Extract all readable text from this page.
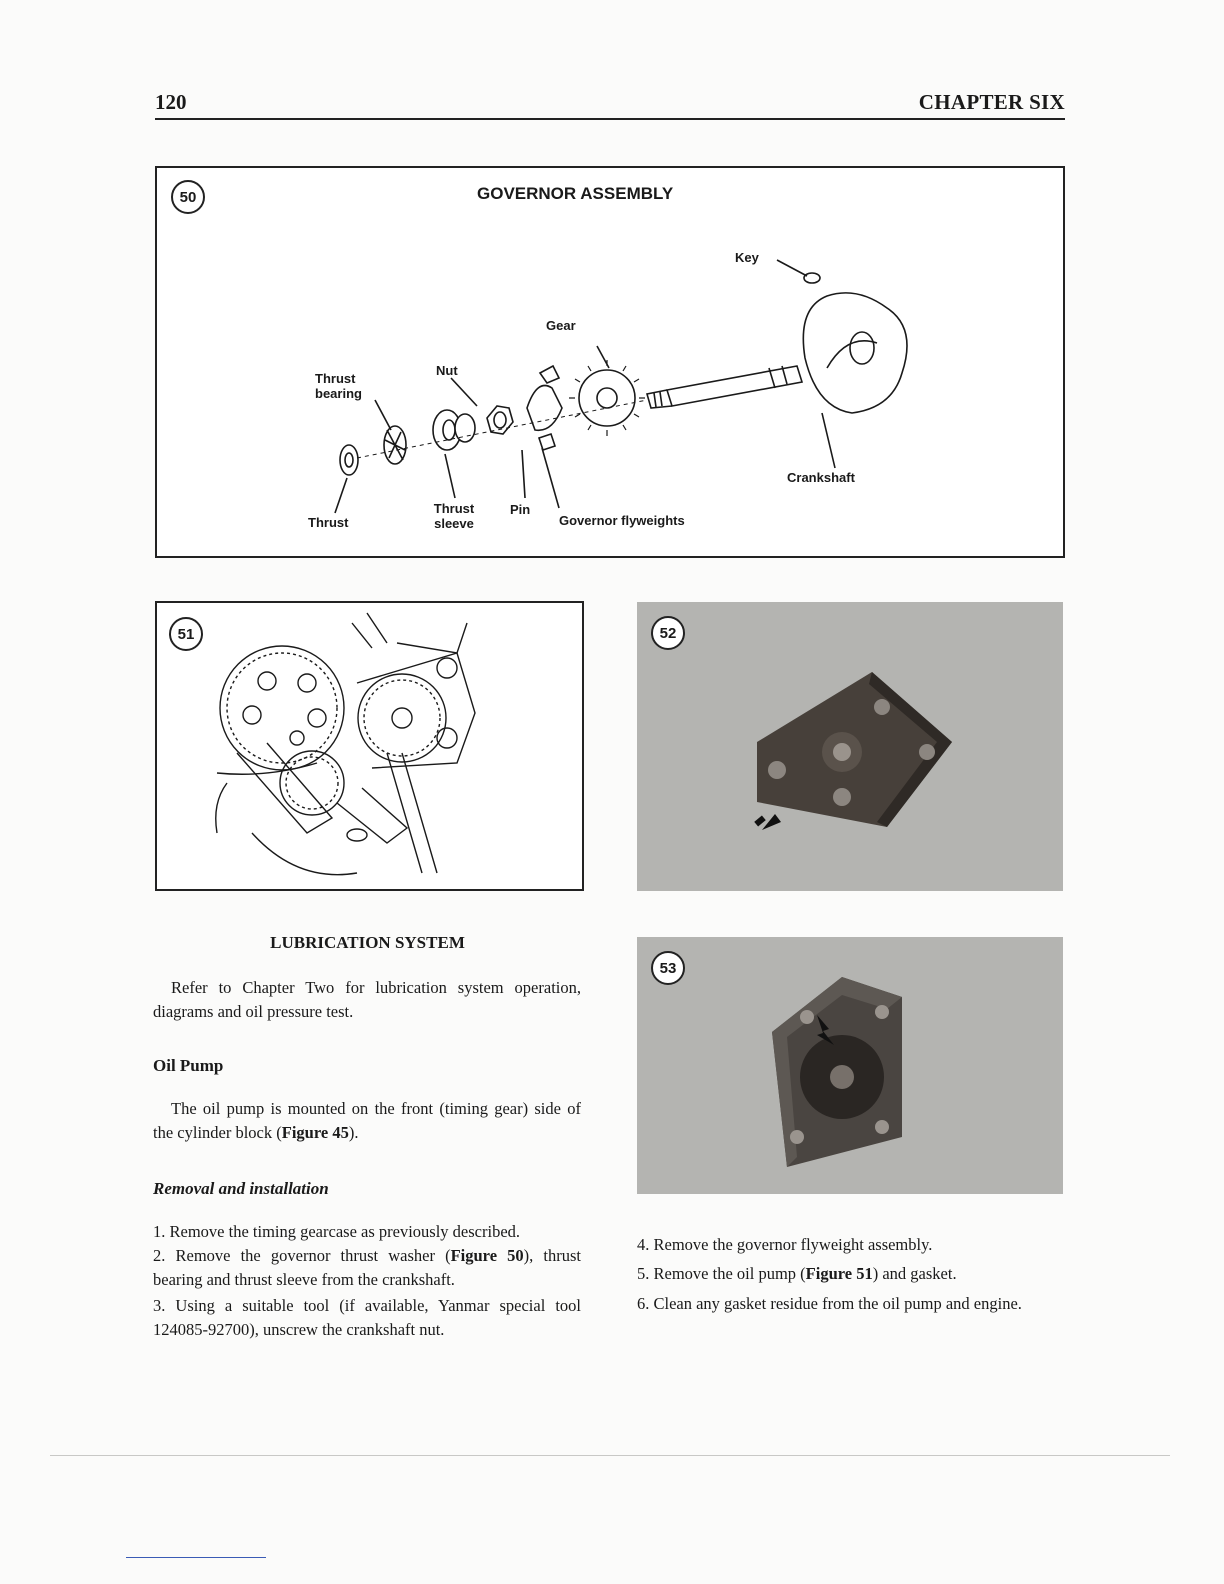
120	CHAPTER SIX
50	GOVERNOR ASSEMBLY
Key
Gear
Nut
Thrust bearing
Crankshaft
Thrust
Thrust sleeve
Pin
Governor flyweights
51	52
53
LUBRICATION SYSTEM

Refer to Chapter Two for lubrication system operation, diagrams and oil pressure test.

Oil Pump

The oil pump is mounted on the front (timing gear) side of the cylinder block (Figure 45).

Removal and installation

1. Remove the timing gearcase as previously described.

2. Remove the governor thrust washer (Figure 50), thrust bearing and thrust sleeve from the crankshaft.

3. Using a suitable tool (if available, Yanmar special tool 124085-92700), unscrew the crankshaft nut.

4. Remove the governor flyweight assembly.

5. Remove the oil pump (Figure 51) and gasket.

6. Clean any gasket residue from the oil pump and engine.
